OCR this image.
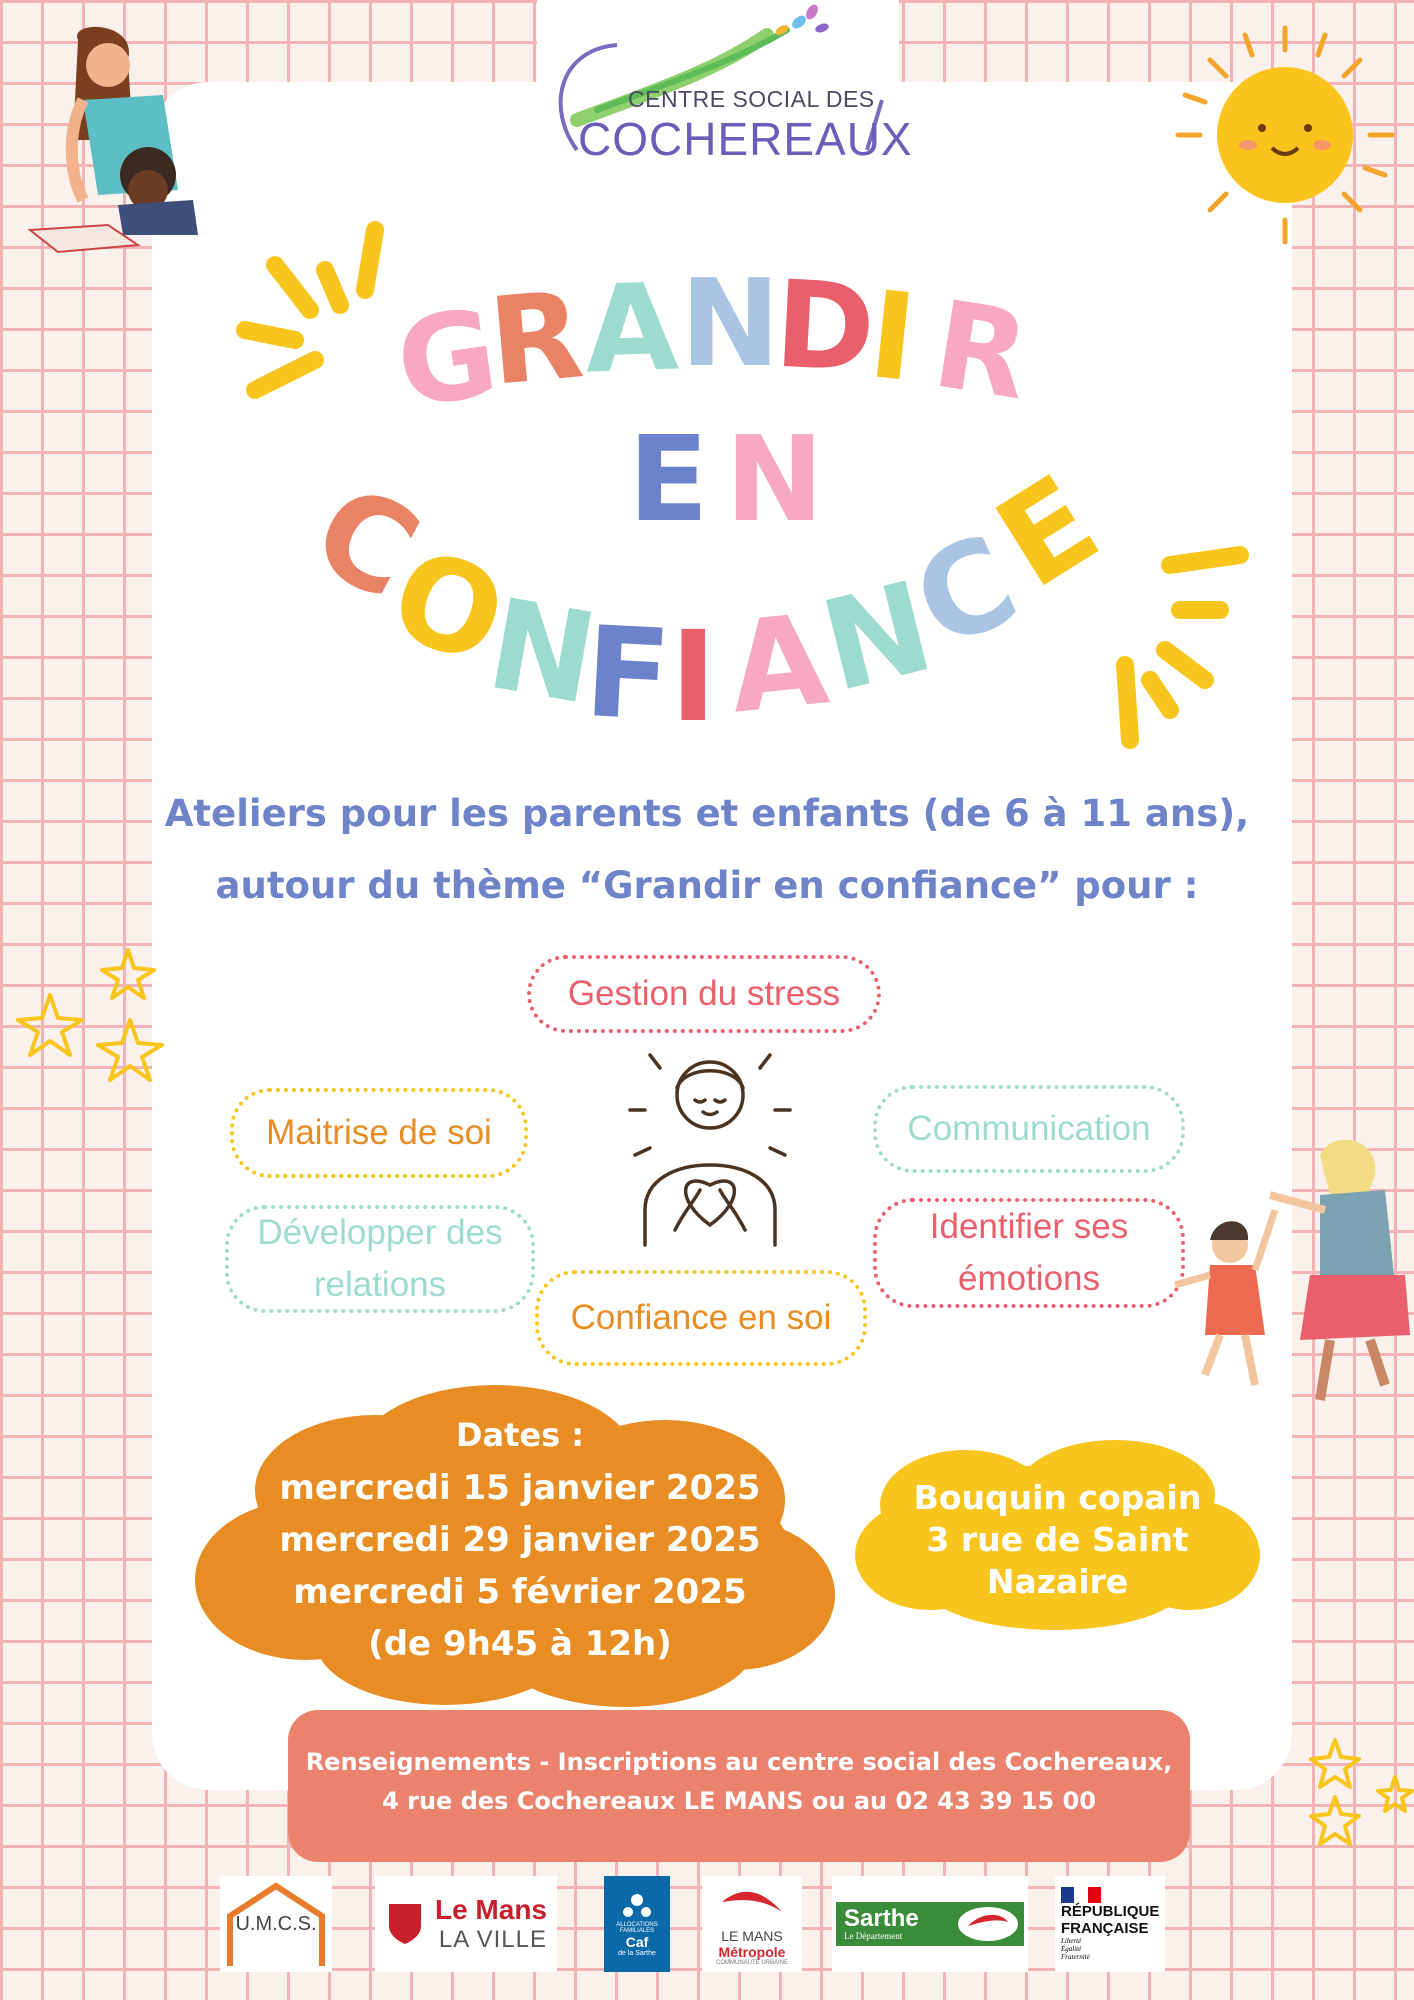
CENTRE SOCIAL DES
COCHEREAUX
G
R
A N
D
I R
E N
C
O
N
F
I A
N
C
E
Ateliers pour les parents et enfants (de 6 à 11 ans),
autour du thème “Grandir en confiance” pour :
Gestion du stress
Maitrise de soi
Développer des
relations
Confiance en soi
Communication
Identifier ses
émotions
Dates :
mercredi 15 janvier 2025
mercredi 29 janvier 2025
mercredi 5 février 2025
(de 9h45 à 12h)
Bouquin copain
3 rue de Saint
Nazaire
Renseignements - Inscriptions au centre social des Cochereaux,
4 rue des Cochereaux LE MANS ou au 02 43 39 15 00
U.M.C.S.	Le Mans
LA VILLE
ALLOCATIONS FAMILIALES
Caf
de la Sarthe
LE MANS
Métropole
COMMUNAUTÉ URBAINE
Sarthe
Le Département
RÉPUBLIQUE
FRANÇAISE
Liberté
Égalité
Fraternité
